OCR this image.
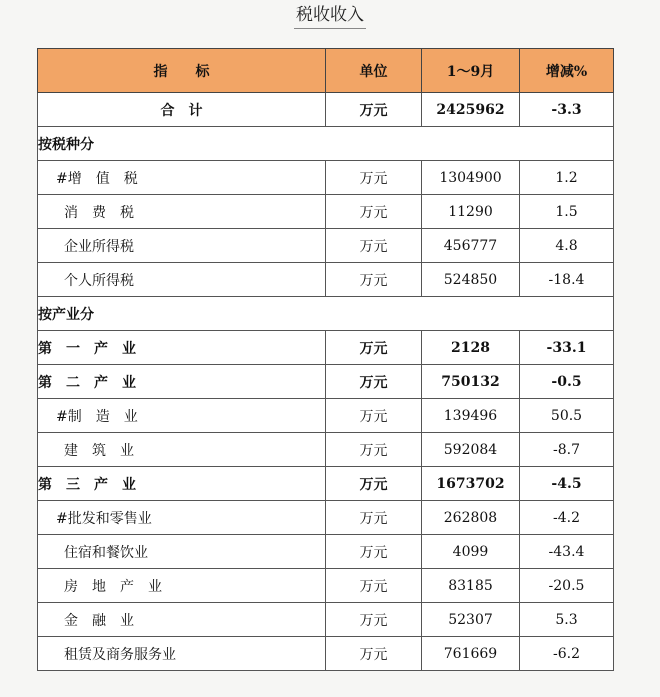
税收收入
指　　标	单位	1～9月	增减%
合　计	万元	2425962	-3.3
按税种分			
#增　值　税	万元	1304900	1.2
消　费　税	万元	11290	1.5
企业所得税	万元	456777	4.8
个人所得税	万元	524850	-18.4
按产业分			
第　一　产　业	万元	2128	-33.1
第　二　产　业	万元	750132	-0.5
#制　造　业	万元	139496	50.5
建　筑　业	万元	592084	-8.7
第　三　产　业	万元	1673702	-4.5
#批发和零售业	万元	262808	-4.2
住宿和餐饮业	万元	4099	-43.4
房　地　产　业	万元	83185	-20.5
金　融　业	万元	52307	5.3
租赁及商务服务业	万元	761669	-6.2
